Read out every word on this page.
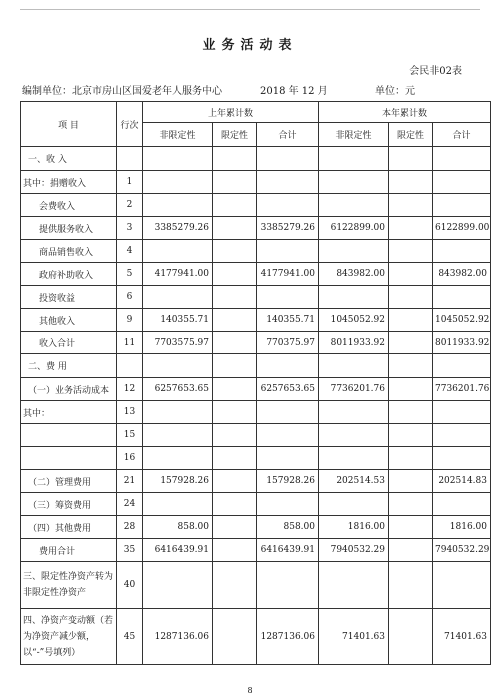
业务活动表
会民非02表
编制单位：北京市房山区国爱老年人服务中心	2018 年 12 月	单位：元
项 目	行次	上年累计数			本年累计数		
		非限定性	限定性	合计	非限定性	限定性	合计
一、收 入							
其中：捐赠收入	1						
会费收入	2						
提供服务收入	3	3385279.26		3385279.26	6122899.00		6122899.00
商品销售收入	4						
政府补助收入	5	4177941.00		4177941.00	843982.00		843982.00
投资收益	6						
其他收入	9	140355.71		140355.71	1045052.92		1045052.92
收入合计	11	7703575.97		770375.97	8011933.92		8011933.92
二、费 用							
（一）业务活动成本	12	6257653.65		6257653.65	7736201.76		7736201.76
其中：	13						
	15						
	16						
（二）管理费用	21	157928.26		157928.26	202514.53		202514.83
（三）筹资费用	24						
（四）其他费用	28	858.00		858.00	1816.00		1816.00
费用合计	35	6416439.91		6416439.91	7940532.29		7940532.29
三、限定性净资产转为非限定性净资产	40						
四、净资产变动额（若为净资产减少额，以“-”号填列）	45	1287136.06		1287136.06	71401.63		71401.63
8
